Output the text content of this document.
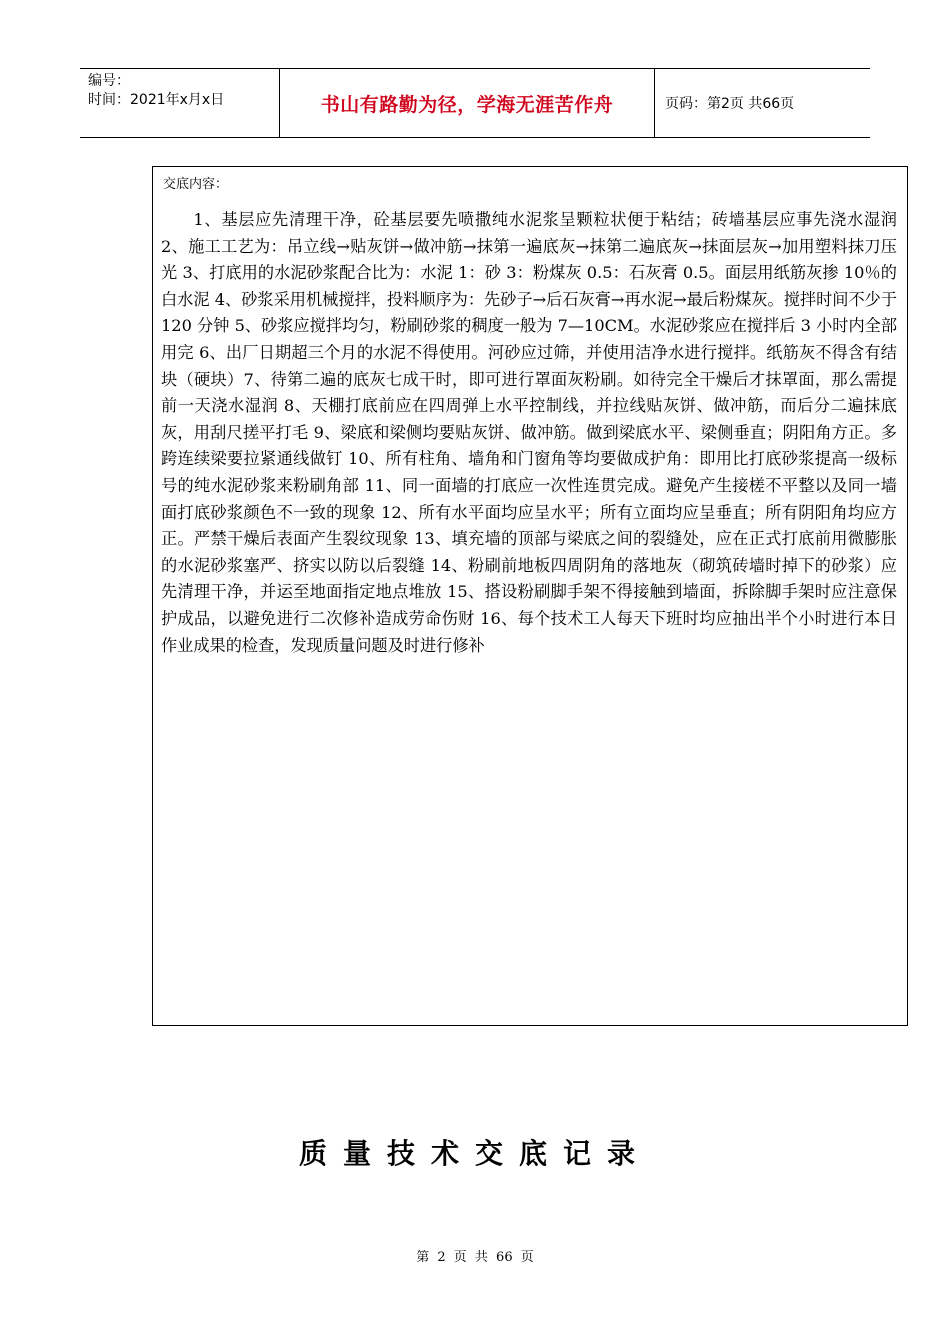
编号：
时间：2021年x月x日	书山有路勤为径，学海无涯苦作舟	页码：第2页 共66页
交底内容：

1、基层应先清理干净，砼基层要先喷撒纯水泥浆呈颗粒状便于粘结；砖墙基层应事先浇水湿润 2、施工工艺为：吊立线→贴灰饼→做冲筋→抹第一遍底灰→抹第二遍底灰→抹面层灰→加用塑料抹刀压光 3、打底用的水泥砂浆配合比为：水泥 1：砂 3：粉煤灰 0.5：石灰膏 0.5。面层用纸筋灰掺 10％的白水泥 4、砂浆采用机械搅拌，投料顺序为：先砂子→后石灰膏→再水泥→最后粉煤灰。搅拌时间不少于 120 分钟 5、砂浆应搅拌均匀，粉刷砂浆的稠度一般为 7—10CM。水泥砂浆应在搅拌后 3 小时内全部用完 6、出厂日期超三个月的水泥不得使用。河砂应过筛，并使用洁净水进行搅拌。纸筋灰不得含有结块（硬块）7、待第二遍的底灰七成干时，即可进行罩面灰粉刷。如待完全干燥后才抹罩面，那么需提前一天浇水湿润 8、天棚打底前应在四周弹上水平控制线，并拉线贴灰饼、做冲筋，而后分二遍抹底灰，用刮尺搓平打毛 9、梁底和梁侧均要贴灰饼、做冲筋。做到梁底水平、梁侧垂直；阴阳角方正。多跨连续梁要拉紧通线做钉 10、所有柱角、墙角和门窗角等均要做成护角：即用比打底砂浆提高一级标号的纯水泥砂浆来粉刷角部 11、同一面墙的打底应一次性连贯完成。避免产生接槎不平整以及同一墙面打底砂浆颜色不一致的现象 12、所有水平面均应呈水平；所有立面均应呈垂直；所有阴阳角均应方正。严禁干燥后表面产生裂纹现象 13、填充墙的顶部与梁底之间的裂缝处，应在正式打底前用微膨胀的水泥砂浆塞严、挤实以防以后裂缝 14、粉刷前地板四周阴角的落地灰（砌筑砖墙时掉下的砂浆）应先清理干净，并运至地面指定地点堆放 15、搭设粉刷脚手架不得接触到墙面，拆除脚手架时应注意保护成品，以避免进行二次修补造成劳命伤财 16、每个技术工人每天下班时均应抽出半个小时进行本日作业成果的检查，发现质量问题及时进行修补

质量技术交底记录
第 2 页 共 66 页
